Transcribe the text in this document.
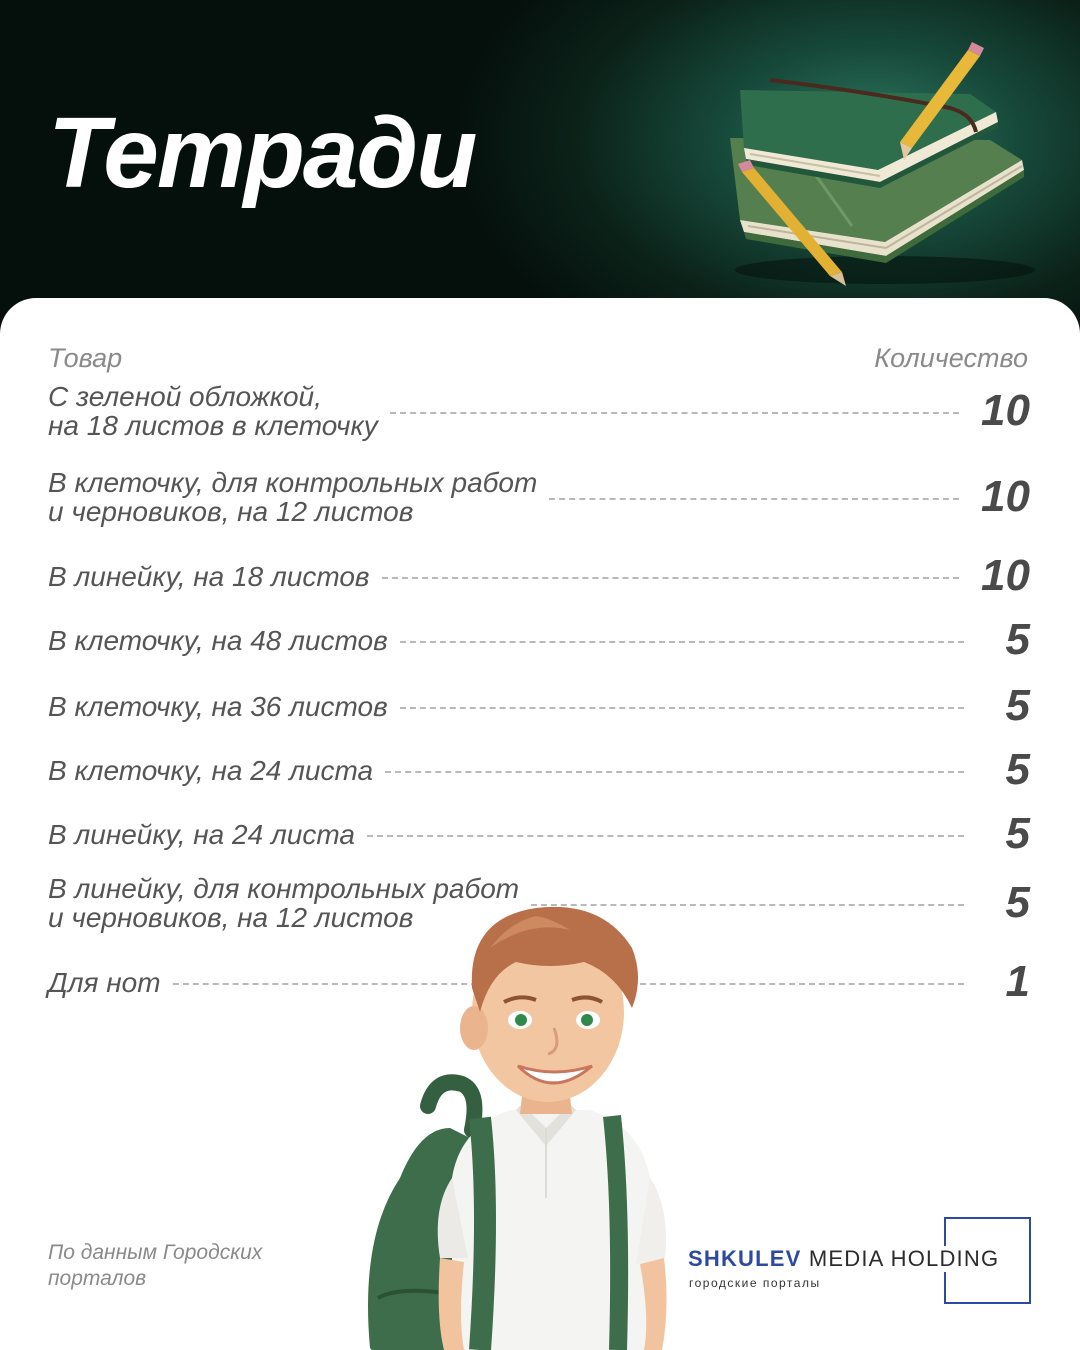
Тетради
Товар	Количество
С зеленой обложкой,
на 18 листов в клеточку	10
В клеточку, для контрольных работ
и черновиков, на 12 листов	10
В линейку, на 18 листов	10
В клеточку, на 48 листов	5
В клеточку, на 36 листов	5
В клеточку, на 24 листа	5
В линейку, на 24 листа	5
В линейку, для контрольных работ
и черновиков, на 12 листов	5
Для нот	1
По данным Городских
порталов
SHKULEV MEDIA HOLDING
городские порталы
